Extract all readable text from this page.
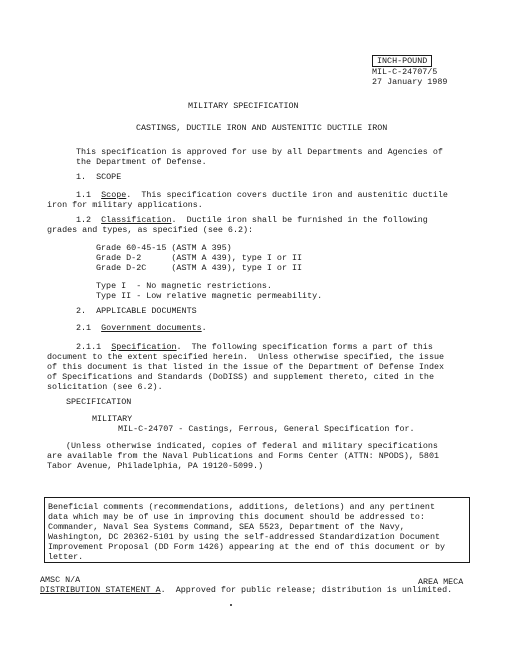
INCH-POUND
MIL-C-24707/5
27 January 1989
MILITARY SPECIFICATION
CASTINGS, DUCTILE IRON AND AUSTENITIC DUCTILE IRON
This specification is approved for use by all Departments and Agencies of
the Department of Defense.
1.  SCOPE
1.1 Scope.  This specification covers ductile iron and austenitic ductile
iron for military applications.
1.2 Classification.  Ductile iron shall be furnished in the following
grades and types, as specified (see 6.2):
Grade 60-45-15 (ASTM A 395)
Grade D-2      (ASTM A 439), type I or II
Grade D-2C     (ASTM A 439), type I or II
Type I  - No magnetic restrictions.
Type II - Low relative magnetic permeability.
2.  APPLICABLE DOCUMENTS
2.1 Government documents.
2.1.1 Specification.  The following specification forms a part of this
document to the extent specified herein.  Unless otherwise specified, the issue
of this document is that listed in the issue of the Department of Defense Index
of Specifications and Standards (DoDISS) and supplement thereto, cited in the
solicitation (see 6.2).
SPECIFICATION
MILITARY
MIL-C-24707 - Castings, Ferrous, General Specification for.
(Unless otherwise indicated, copies of federal and military specifications
are available from the Naval Publications and Forms Center (ATTN: NPODS), 5801
Tabor Avenue, Philadelphia, PA 19120-5099.)
Beneficial comments (recommendations, additions, deletions) and any pertinent
data which may be of use in improving this document should be addressed to:
Commander, Naval Sea Systems Command, SEA 5523, Department of the Navy,
Washington, DC 20362-5101 by using the self-addressed Standardization Document
Improvement Proposal (DD Form 1426) appearing at the end of this document or by
letter.
AMSC N/A	AREA MECA
DISTRIBUTION STATEMENT A.  Approved for public release; distribution is unlimited.
